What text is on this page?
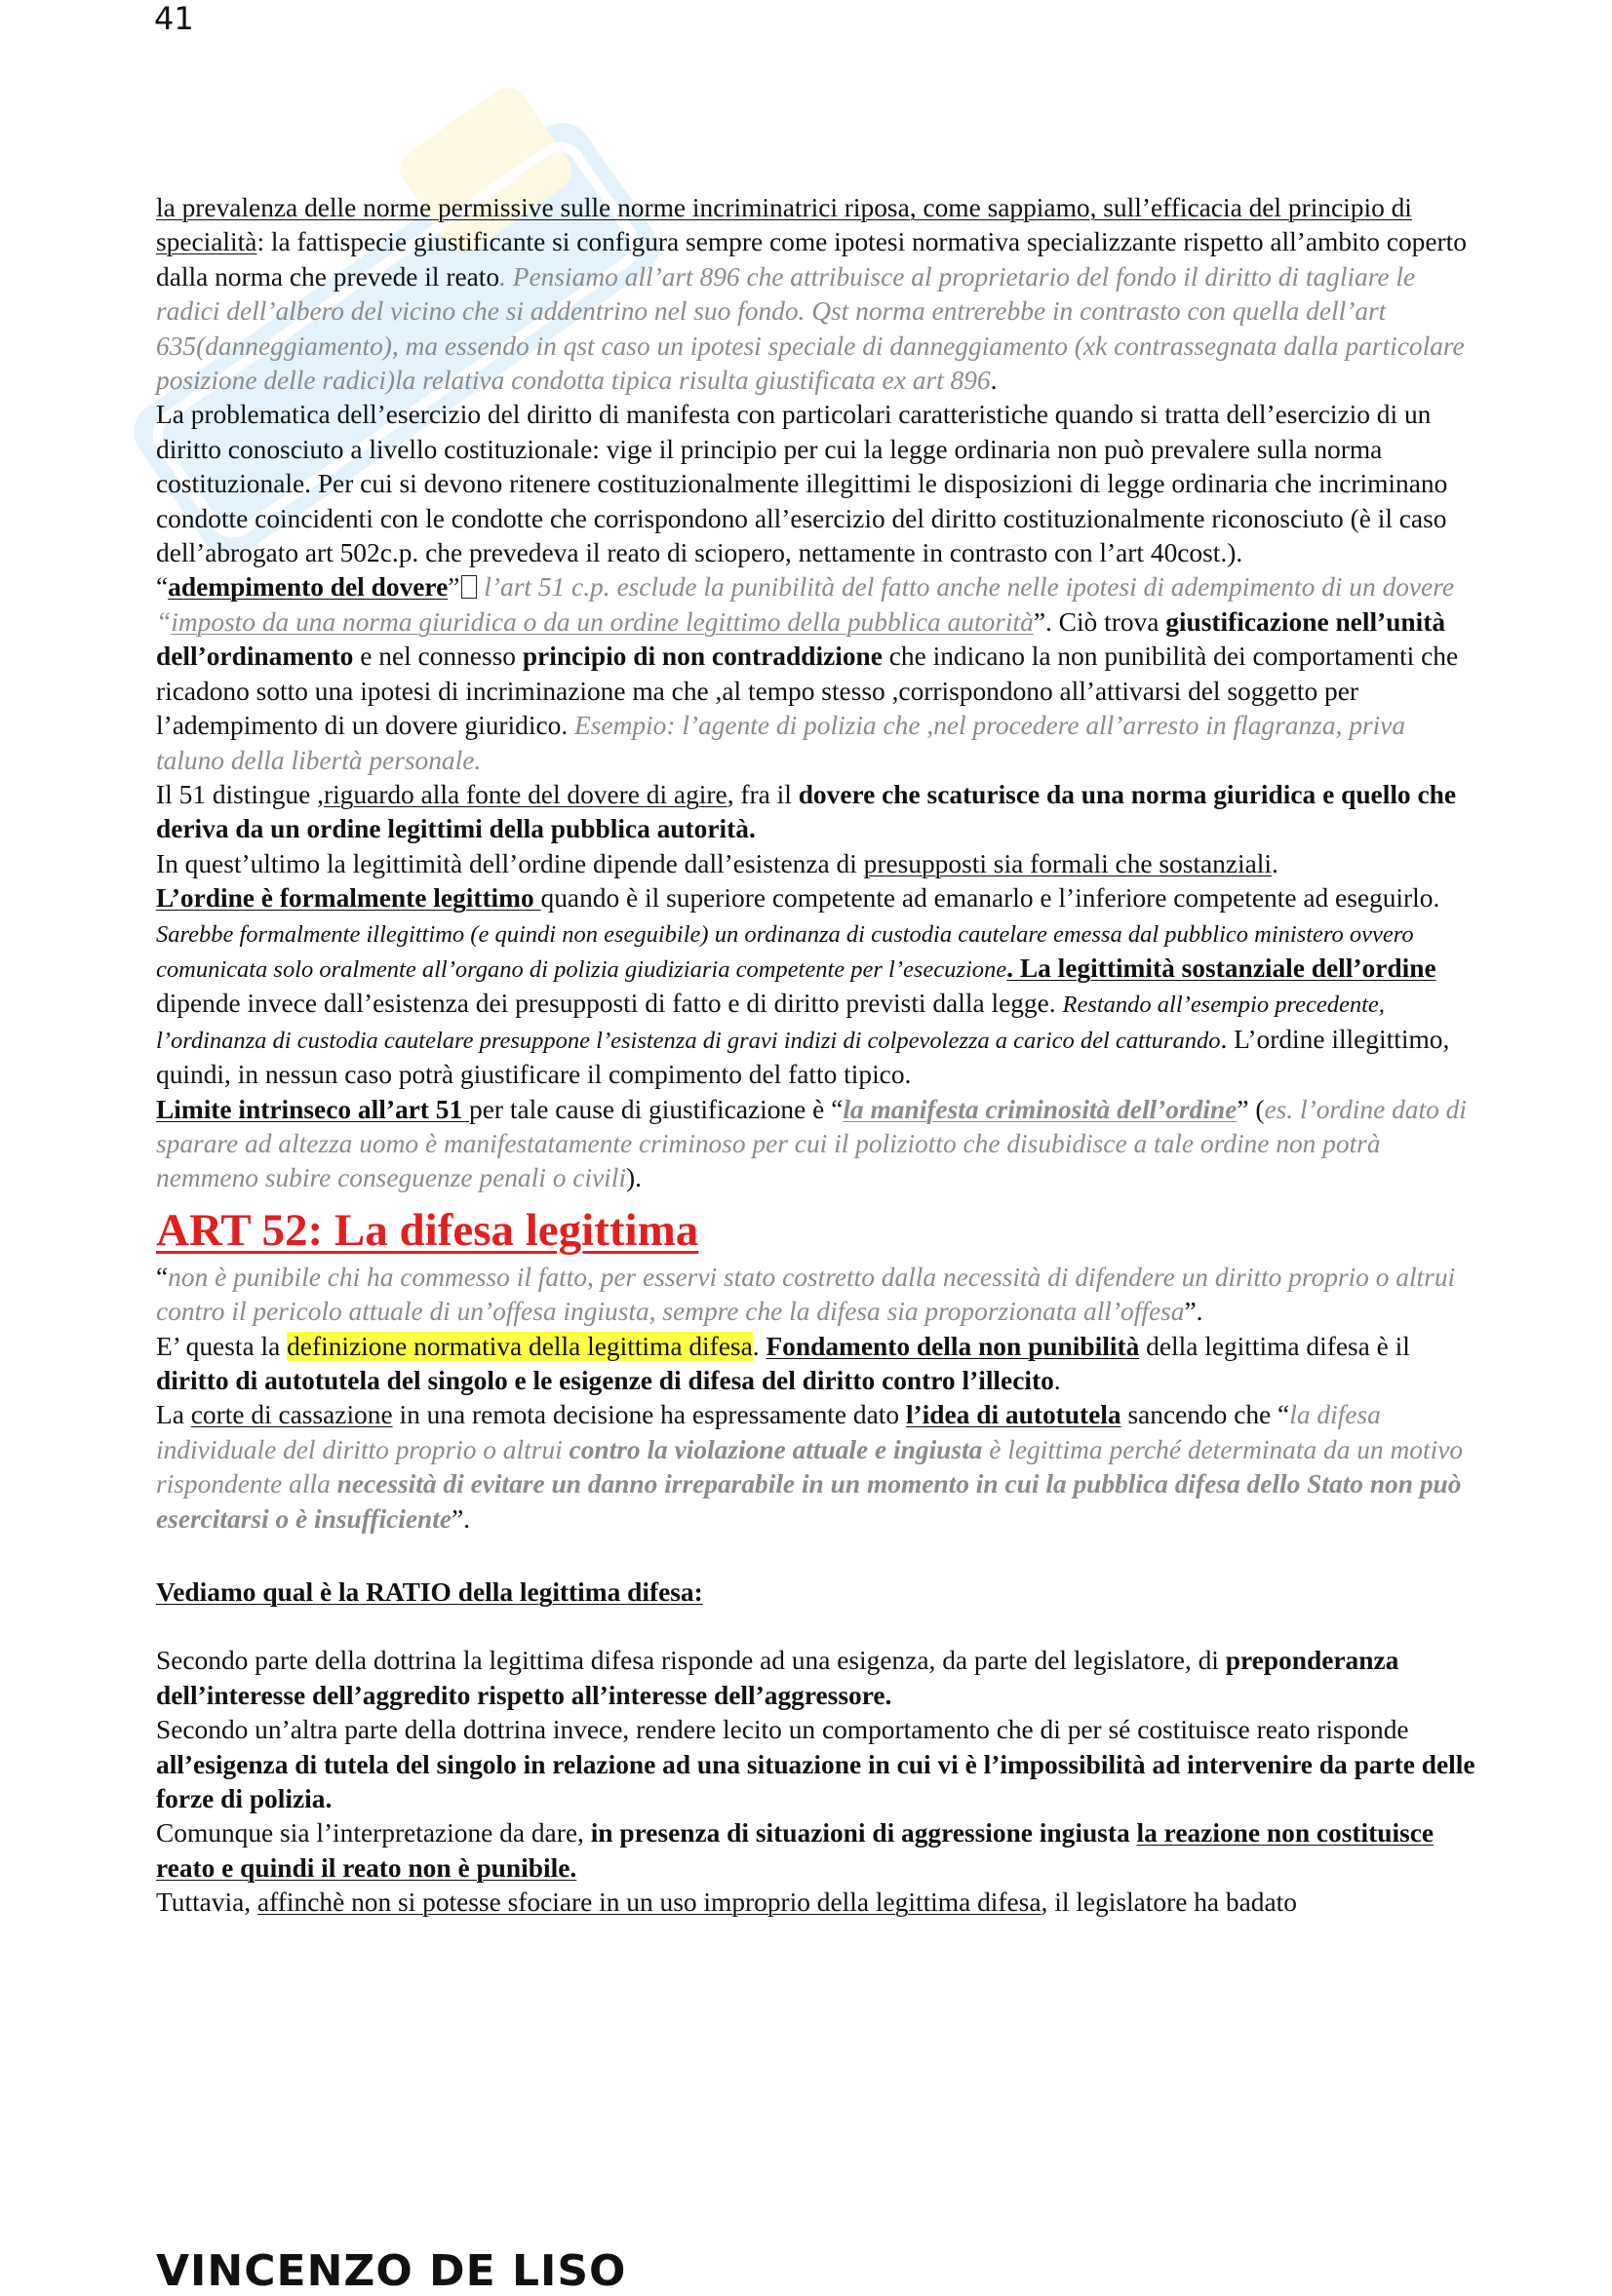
41

la prevalenza delle norme permissive sulle norme incriminatrici riposa, come sappiamo, sull’efficacia del principio di specialità: la fattispecie giustificante si configura sempre come ipotesi normativa specializzante rispetto all’ambito coperto dalla norma che prevede il reato. Pensiamo all’art 896 che attribuisce al proprietario del fondo il diritto di tagliare le radici dell’albero del vicino che si addentrino nel suo fondo. Qst norma entrerebbe in contrasto con quella dell’art 635(danneggiamento), ma essendo in qst caso un ipotesi speciale di danneggiamento (xk contrassegnata dalla particolare posizione delle radici)la relativa condotta tipica risulta giustificata ex art 896.

La problematica dell’esercizio del diritto di manifesta con particolari caratteristiche quando si tratta dell’esercizio di un diritto conosciuto a livello costituzionale: vige il principio per cui la legge ordinaria non può prevalere sulla norma costituzionale. Per cui si devono ritenere costituzionalmente illegittimi le disposizioni di legge ordinaria che incriminano condotte coincidenti con le condotte che corrispondono all’esercizio del diritto costituzionalmente riconosciuto (è il caso dell’abrogato art 502c.p. che prevedeva il reato di sciopero, nettamente in contrasto con l’art 40cost.).

“adempimento del dovere” l’art 51 c.p. esclude la punibilità del fatto anche nelle ipotesi di adempimento di un dovere “imposto da una norma giuridica o da un ordine legittimo della pubblica autorità”. Ciò trova giustificazione nell’unità dell’ordinamento e nel connesso principio di non contraddizione che indicano la non punibilità dei comportamenti che ricadono sotto una ipotesi di incriminazione ma che ,al tempo stesso ,corrispondono all’attivarsi del soggetto per l’adempimento di un dovere giuridico. Esempio: l’agente di polizia che ,nel procedere all’arresto in flagranza, priva taluno della libertà personale.

Il 51 distingue ,riguardo alla fonte del dovere di agire, fra il dovere che scaturisce da una norma giuridica e quello che deriva da un ordine legittimi della pubblica autorità.

In quest’ultimo la legittimità dell’ordine dipende dall’esistenza di presupposti sia formali che sostanziali.
L’ordine è formalmente legittimo quando è il superiore competente ad emanarlo e l’inferiore competente ad eseguirlo. Sarebbe formalmente illegittimo (e quindi non eseguibile) un ordinanza di custodia cautelare emessa dal pubblico ministero ovvero comunicata solo oralmente all’organo di polizia giudiziaria competente per l’esecuzione. La legittimità sostanziale dell’ordine dipende invece dall’esistenza dei presupposti di fatto e di diritto previsti dalla legge. Restando all’esempio precedente, l’ordinanza di custodia cautelare presuppone l’esistenza di gravi indizi di colpevolezza a carico del catturando. L’ordine illegittimo, quindi, in nessun caso potrà giustificare il compimento del fatto tipico.

Limite intrinseco all’art 51 per tale cause di giustificazione è “la manifesta criminosità dell’ordine” (es. l’ordine dato di sparare ad altezza uomo è manifestatamente criminoso per cui il poliziotto che disubidisce a tale ordine non potrà nemmeno subire conseguenze penali o civili).

ART 52: La difesa legittima

“non è punibile chi ha commesso il fatto, per esservi stato costretto dalla necessità di difendere un diritto proprio o altrui contro il pericolo attuale di un’offesa ingiusta, sempre che la difesa sia proporzionata all’offesa”.

E’ questa la definizione normativa della legittima difesa. Fondamento della non punibilità della legittima difesa è il diritto di autotutela del singolo e le esigenze di difesa del diritto contro l’illecito.

La corte di cassazione in una remota decisione ha espressamente dato l’idea di autotutela sancendo che “la difesa individuale del diritto proprio o altrui contro la violazione attuale e ingiusta è legittima perché determinata da un motivo rispondente alla necessità di evitare un danno irreparabile in un momento in cui la pubblica difesa dello Stato non può esercitarsi o è insufficiente”.

Vediamo qual è la RATIO della legittima difesa:

Secondo parte della dottrina la legittima difesa risponde ad una esigenza, da parte del legislatore, di preponderanza dell’interesse dell’aggredito rispetto all’interesse dell’aggressore.

Secondo un’altra parte della dottrina invece, rendere lecito un comportamento che di per sé costituisce reato risponde all’esigenza di tutela del singolo in relazione ad una situazione in cui vi è l’impossibilità ad intervenire da parte delle forze di polizia.

Comunque sia l’interpretazione da dare, in presenza di situazioni di aggressione ingiusta la reazione non costituisce reato e quindi il reato non è punibile.

Tuttavia, affinchè non si potesse sfociare in un uso improprio della legittima difesa, il legislatore ha badato

VINCENZO DE LISO
